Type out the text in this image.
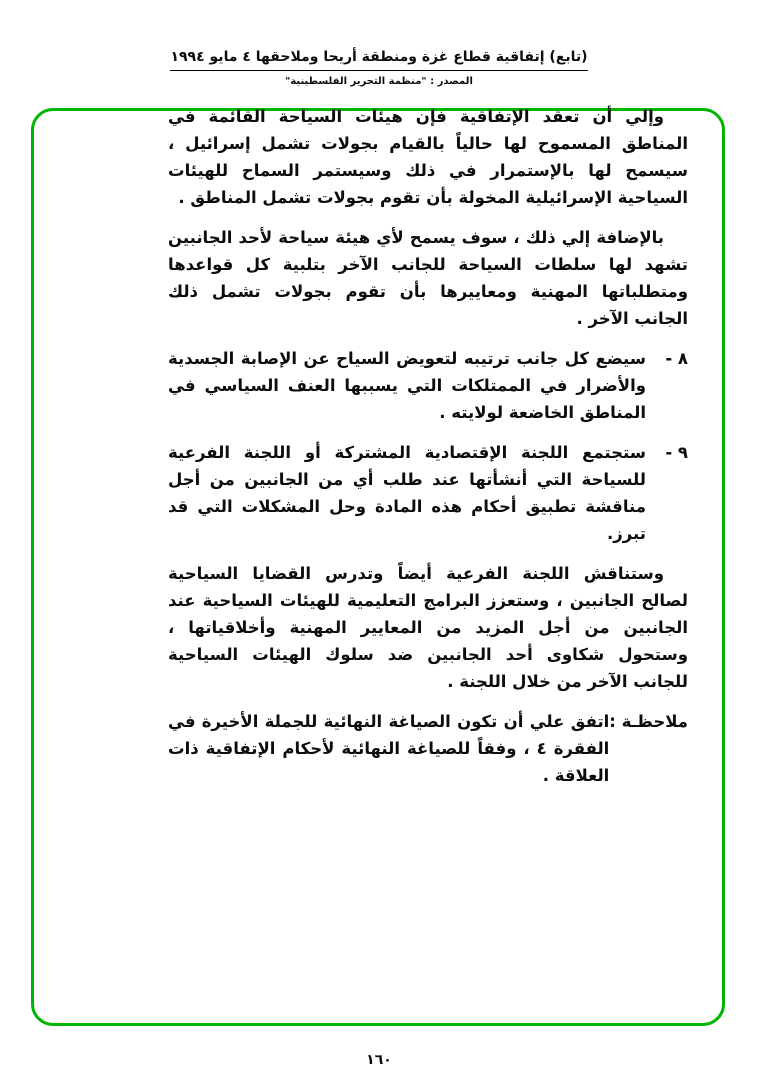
(تابع) إتفاقية قطاع غزة ومنطقة أريحا وملاحقها ٤ مايو ١٩٩٤
المصدر : "منظمة التحرير الفلسطينية"

وإلي أن تعقد الإتفاقية فإن هيئات السياحة القائمة في المناطق المسموح لها حالياً بالقيام بجولات تشمل إسرائيل ، سيسمح لها بالإستمرار في ذلك وسيستمر السماح للهيئات السياحية الإسرائيلية المخولة بأن تقوم بجولات تشمل المناطق .

بالإضافة إلي ذلك ، سوف يسمح لأي هيئة سياحة لأحد الجانبين تشهد لها سلطات السياحة للجانب الآخر بتلبية كل قواعدها ومتطلباتها المهنية ومعاييرها بأن تقوم بجولات تشمل ذلك الجانب الآخر .

٨ -
سيضع كل جانب ترتيبه لتعويض السياح عن الإصابة الجسدية والأضرار في الممتلكات التي يسببها العنف السياسي في المناطق الخاضعة لولايته .
٩ -
ستجتمع اللجنة الإقتصادية المشتركة أو اللجنة الفرعية للسياحة التي أنشأتها عند طلب أي من الجانبين من أجل مناقشة تطبيق أحكام هذه المادة وحل المشكلات التي قد تبرز.

وستناقش اللجنة الفرعية أيضاً وتدرس القضايا السياحية لصالح الجانبين ، وستعزز البرامج التعليمية للهيئات السياحية عند الجانبين من أجل المزيد من المعايير المهنية وأخلاقياتها ، وستحول شكاوى أحد الجانبين ضد سلوك الهيئات السياحية للجانب الآخر من خلال اللجنة .

ملاحظـة :
اتفق علي أن تكون الصياغة النهائية للجملة الأخيرة في الفقرة ٤ ، وفقاً للصياغة النهائية لأحكام الإتفاقية ذات العلاقة .
١٦٠
